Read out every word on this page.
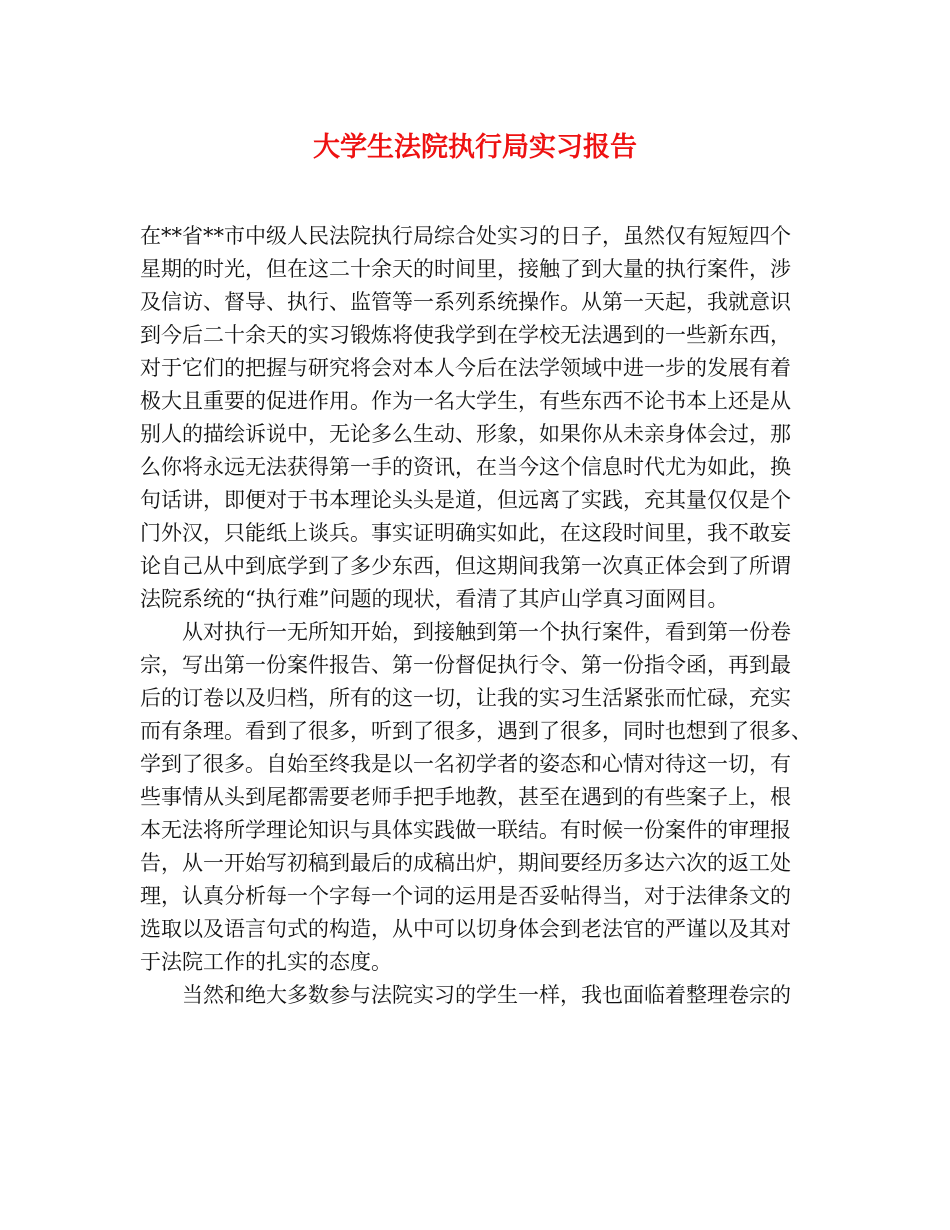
大学生法院执行局实习报告
在**省**市中级人民法院执行局综合处实习的日子，虽然仅有短短四个
星期的时光，但在这二十余天的时间里，接触了到大量的执行案件，涉
及信访、督导、执行、监管等一系列系统操作。从第一天起，我就意识
到今后二十余天的实习锻炼将使我学到在学校无法遇到的一些新东西，
对于它们的把握与研究将会对本人今后在法学领域中进一步的发展有着
极大且重要的促进作用。作为一名大学生，有些东西不论书本上还是从
别人的描绘诉说中，无论多么生动、形象，如果你从未亲身体会过，那
么你将永远无法获得第一手的资讯，在当今这个信息时代尤为如此，换
句话讲，即便对于书本理论头头是道，但远离了实践，充其量仅仅是个
门外汉，只能纸上谈兵。事实证明确实如此，在这段时间里，我不敢妄
论自己从中到底学到了多少东西，但这期间我第一次真正体会到了所谓
法院系统的“执行难”问题的现状，看清了其庐山学真习面网目。
从对执行一无所知开始，到接触到第一个执行案件，看到第一份卷
宗，写出第一份案件报告、第一份督促执行令、第一份指令函，再到最
后的订卷以及归档，所有的这一切，让我的实习生活紧张而忙碌，充实
而有条理。看到了很多，听到了很多，遇到了很多，同时也想到了很多、
学到了很多。自始至终我是以一名初学者的姿态和心情对待这一切，有
些事情从头到尾都需要老师手把手地教，甚至在遇到的有些案子上，根
本无法将所学理论知识与具体实践做一联结。有时候一份案件的审理报
告，从一开始写初稿到最后的成稿出炉，期间要经历多达六次的返工处
理，认真分析每一个字每一个词的运用是否妥帖得当，对于法律条文的
选取以及语言句式的构造，从中可以切身体会到老法官的严谨以及其对
于法院工作的扎实的态度。
当然和绝大多数参与法院实习的学生一样，我也面临着整理卷宗的
